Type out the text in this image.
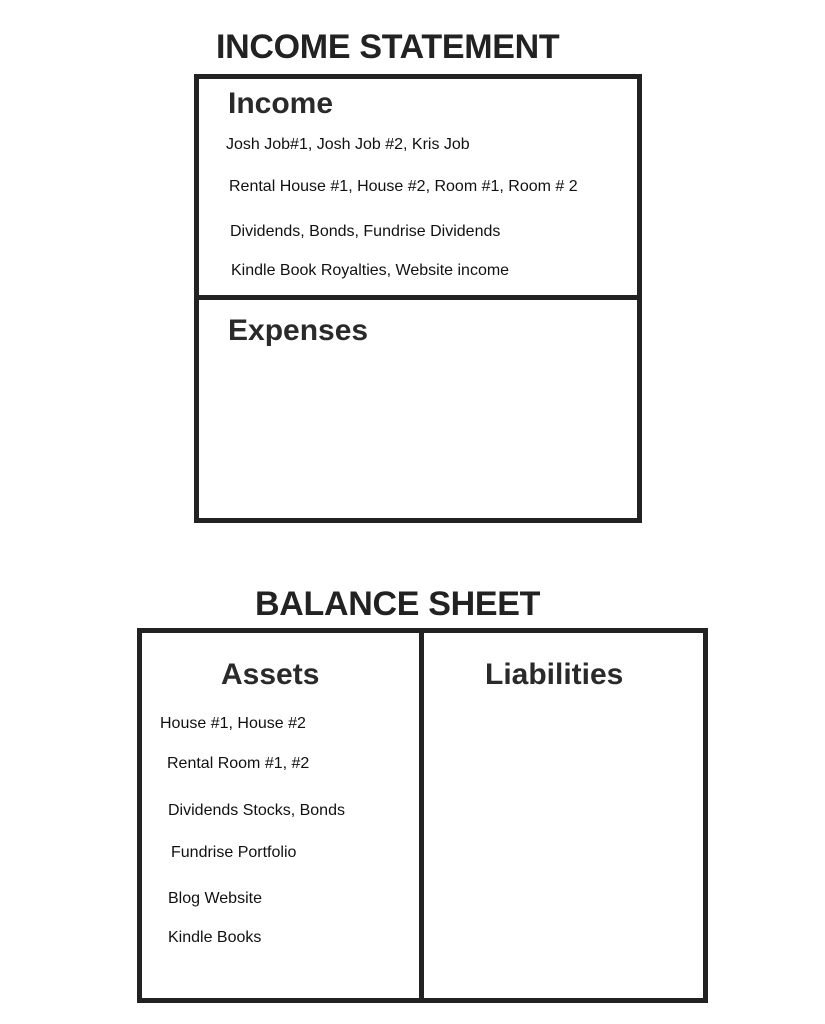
INCOME STATEMENT
Income
Josh Job#1, Josh Job #2, Kris Job
Rental House #1, House #2, Room #1, Room # 2
Dividends, Bonds, Fundrise Dividends
Kindle Book Royalties, Website income
Expenses
BALANCE SHEET
Assets	Liabilities
House #1, House #2
Rental Room #1, #2
Dividends Stocks, Bonds
Fundrise Portfolio
Blog Website
Kindle Books
